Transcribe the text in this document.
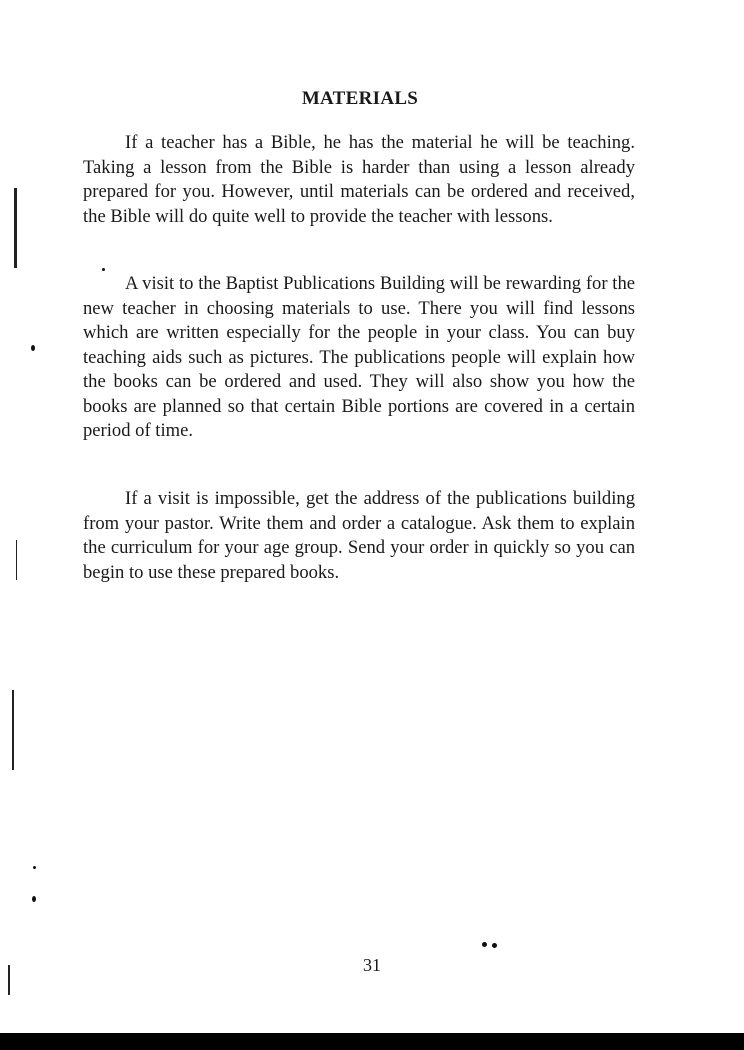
MATERIALS

If a teacher has a Bible, he has the material he will be teaching. Taking a lesson from the Bible is harder than using a lesson already prepared for you. However, until materials can be ordered and received, the Bible will do quite well to provide the teacher with lessons.

A visit to the Baptist Publications Building will be rewarding for the new teacher in choosing materials to use. There you will find lessons which are written especially for the people in your class. You can buy teaching aids such as pictures. The publications people will explain how the books can be ordered and used. They will also show you how the books are planned so that certain Bible portions are covered in a certain period of time.

If a visit is impossible, get the address of the publications building from your pastor. Write them and order a catalogue. Ask them to explain the curriculum for your age group. Send your order in quickly so you can begin to use these prepared books.

31
